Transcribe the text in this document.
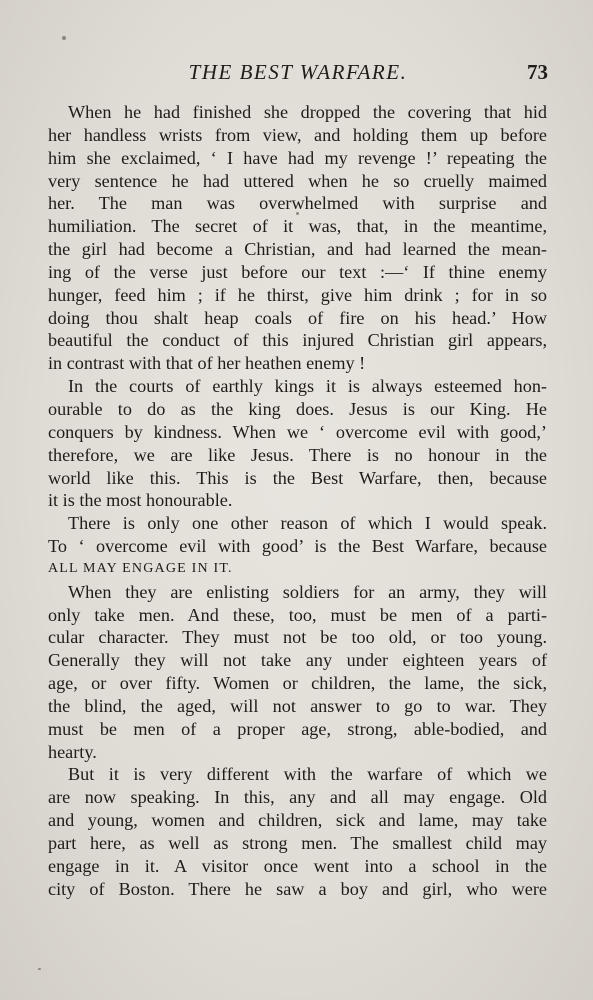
THE BEST WARFARE.	73
When he had finished she dropped the covering that hid
her handless wrists from view, and holding them up before
him she exclaimed, ‘ I have had my revenge !’ repeating the
very sentence he had uttered when he so cruelly maimed
her. The man was overwhelmed with surprise and
humiliation. The secret of it was, that, in the meantime,
the girl had become a Christian, and had learned the mean-
ing of the verse just before our text :—‘ If thine enemy
hunger, feed him ; if he thirst, give him drink ; for in so
doing thou shalt heap coals of fire on his head.’ How
beautiful the conduct of this injured Christian girl appears,
in contrast with that of her heathen enemy !
In the courts of earthly kings it is always esteemed hon-
ourable to do as the king does. Jesus is our King. He
conquers by kindness. When we ‘ overcome evil with good,’
therefore, we are like Jesus. There is no honour in the
world like this. This is the Best Warfare, then, because
it is the most honourable.
There is only one other reason of which I would speak.
To ‘ overcome evil with good’ is the Best Warfare, because
ALL MAY ENGAGE IN IT.
When they are enlisting soldiers for an army, they will
only take men. And these, too, must be men of a parti-
cular character. They must not be too old, or too young.
Generally they will not take any under eighteen years of
age, or over fifty. Women or children, the lame, the sick,
the blind, the aged, will not answer to go to war. They
must be men of a proper age, strong, able-bodied, and
hearty.
But it is very different with the warfare of which we
are now speaking. In this, any and all may engage. Old
and young, women and children, sick and lame, may take
part here, as well as strong men. The smallest child may
engage in it. A visitor once went into a school in the
city of Boston. There he saw a boy and girl, who were
